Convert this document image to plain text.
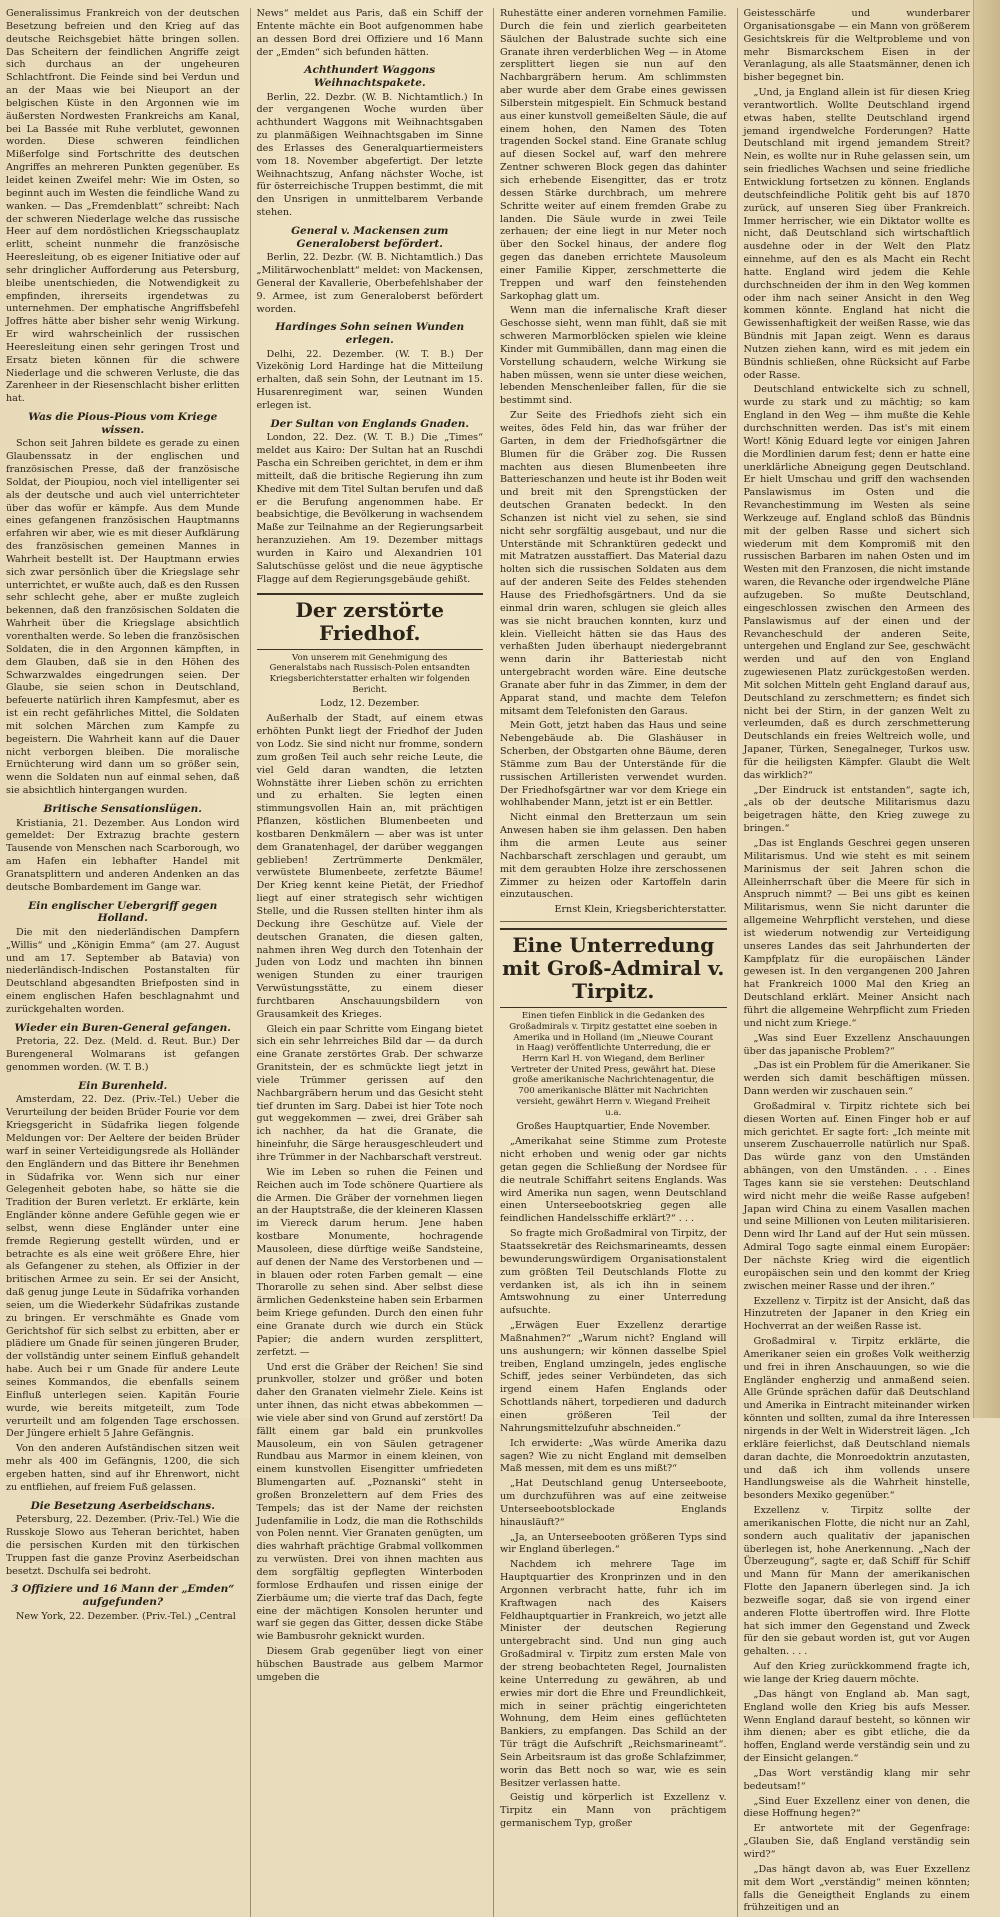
Generalissimus Frankreich von der deutschen Besetzung befreien und den Krieg auf das deutsche Reichsgebiet hätte bringen sollen. Das Scheitern der feindlichen Angriffe zeigt sich durchaus an der ungeheuren Schlachtfront. Die Feinde sind bei Verdun und an der Maas wie bei Nieuport an der belgischen Küste in den Argonnen wie im äußersten Nordwesten Frankreichs am Kanal, bei La Bassée mit Ruhe verblutet, gewonnen worden. Diese schweren feindlichen Mißerfolge sind Fortschritte des deutschen Angriffes an mehreren Punkten gegenüber. Es leidet keinen Zweifel mehr: Wie im Osten, so beginnt auch im Westen die feindliche Wand zu wanken. — Das „Fremdenblatt“ schreibt: Nach der schweren Niederlage welche das russische Heer auf dem nordöstlichen Kriegsschauplatz erlitt, scheint nunmehr die französische Heeresleitung, ob es eigener Initiative oder auf sehr dringlicher Aufforderung aus Petersburg, bleibe unentschieden, die Notwendigkeit zu empfinden, ihrerseits irgendetwas zu unternehmen. Der emphatische Angriffsbefehl Joffres hätte aber bisher sehr wenig Wirkung. Er wird wahrscheinlich der russischen Heeresleitung einen sehr geringen Trost und Ersatz bieten können für die schwere Niederlage und die schweren Verluste, die das Zarenheer in der Riesenschlacht bisher erlitten hat.

Was die Pious-Pious vom Kriege wissen.

Schon seit Jahren bildete es gerade zu einen Glaubenssatz in der englischen und französischen Presse, daß der französische Soldat, der Pioupiou, noch viel intelligenter sei als der deutsche und auch viel unterrichteter über das wofür er kämpfe. Aus dem Munde eines gefangenen französischen Hauptmanns erfahren wir aber, wie es mit dieser Aufklärung des französischen gemeinen Mannes in Wahrheit bestellt ist. Der Hauptmann erwies sich zwar persönlich über die Kriegslage sehr unterrichtet, er wußte auch, daß es den Russen sehr schlecht gehe, aber er mußte zugleich bekennen, daß den französischen Soldaten die Wahrheit über die Kriegslage absichtlich vorenthalten werde. So leben die französischen Soldaten, die in den Argonnen kämpften, in dem Glauben, daß sie in den Höhen des Schwarzwaldes eingedrungen seien. Der Glaube, sie seien schon in Deutschland, befeuerte natürlich ihren Kampfesmut, aber es ist ein recht gefährliches Mittel, die Soldaten mit solchen Märchen zum Kampfe zu begeistern. Die Wahrheit kann auf die Dauer nicht verborgen bleiben. Die moralische Ernüchterung wird dann um so größer sein, wenn die Soldaten nun auf einmal sehen, daß sie absichtlich hintergangen wurden.

Britische Sensationslügen.

Kristiania, 21. Dezember. Aus London wird gemeldet: Der Extrazug brachte gestern Tausende von Menschen nach Scarborough, wo am Hafen ein lebhafter Handel mit Granatsplittern und anderen Andenken an das deutsche Bombardement im Gange war.

Ein englischer Uebergriff gegen Holland.

Die mit den niederländischen Dampfern „Willis“ und „Königin Emma“ (am 27. August und am 17. September ab Batavia) von niederländisch-Indischen Postanstalten für Deutschland abgesandten Briefposten sind in einem englischen Hafen beschlagnahmt und zurückgehalten worden.

Wieder ein Buren-General gefangen.

Pretoria, 22. Dez. (Meld. d. Reut. Bur.) Der Burengeneral Wolmarans ist gefangen genommen worden. (W. T. B.)

Ein Burenheld.

Amsterdam, 22. Dez. (Priv.-Tel.) Ueber die Verurteilung der beiden Brüder Fourie vor dem Kriegsgericht in Südafrika liegen folgende Meldungen vor: Der Aeltere der beiden Brüder warf in seiner Verteidigungsrede als Holländer den Engländern und das Bittere ihr Benehmen in Südafrika vor. Wenn sich nur einer Gelegenheit geboten habe, so hätte sie die Tradition der Buren verletzt. Er erklärte, kein Engländer könne andere Gefühle gegen wie er selbst, wenn diese Engländer unter eine fremde Regierung gestellt würden, und er betrachte es als eine weit größere Ehre, hier als Gefangener zu stehen, als Offizier in der britischen Armee zu sein. Er sei der Ansicht, daß genug junge Leute in Südafrika vorhanden seien, um die Wiederkehr Südafrikas zustande zu bringen. Er verschmähte es Gnade vom Gerichtshof für sich selbst zu erbitten, aber er plädiere um Gnade für seinen jüngeren Bruder, der vollständig unter seinem Einfluß gehandelt habe. Auch bei r um Gnade für andere Leute seines Kommandos, die ebenfalls seinem Einfluß unterlegen seien. Kapitän Fourie wurde, wie bereits mitgeteilt, zum Tode verurteilt und am folgenden Tage erschossen. Der Jüngere erhielt 5 Jahre Gefängnis.

Von den anderen Aufständischen sitzen weit mehr als 400 im Gefängnis, 1200, die sich ergeben hatten, sind auf ihr Ehrenwort, nicht zu entfliehen, auf freiem Fuß gelassen.

Die Besetzung Aserbeidschans.

Petersburg, 22. Dezember. (Priv.-Tel.) Wie die Russkoje Slowo aus Teheran berichtet, haben die persischen Kurden mit den türkischen Truppen fast die ganze Provinz Aserbeidschan besetzt. Dschulfa sei bedroht.

3 Offiziere und 16 Mann der „Emden“ aufgefunden?

New York, 22. Dezember. (Priv.-Tel.) „Central

News“ meldet aus Paris, daß ein Schiff der Entente mächte ein Boot aufgenommen habe an dessen Bord drei Offiziere und 16 Mann der „Emden“ sich befunden hätten.

Achthundert Waggons Weihnachtspakete.

Berlin, 22. Dezbr. (W. B. Nichtamtlich.) In der vergangenen Woche wurden über achthundert Waggons mit Weihnachtsgaben zu planmäßigen Weihnachtsgaben im Sinne des Erlasses des Generalquartiermeisters vom 18. November abgefertigt. Der letzte Weihnachtszug, Anfang nächster Woche, ist für österreichische Truppen bestimmt, die mit den Unsrigen in unmittelbarem Verbande stehen.

General v. Mackensen zum Generaloberst befördert.

Berlin, 22. Dezbr. (W. B. Nichtamtlich.) Das „Militärwochenblatt“ meldet: von Mackensen, General der Kavallerie, Oberbefehlshaber der 9. Armee, ist zum Generaloberst befördert worden.

Hardinges Sohn seinen Wunden erlegen.

Delhi, 22. Dezember. (W. T. B.) Der Vizekönig Lord Hardinge hat die Mitteilung erhalten, daß sein Sohn, der Leutnant im 15. Husarenregiment war, seinen Wunden erlegen ist.

Der Sultan von Englands Gnaden.

London, 22. Dez. (W. T. B.) Die „Times“ meldet aus Kairo: Der Sultan hat an Ruschdi Pascha ein Schreiben gerichtet, in dem er ihm mitteilt, daß die britische Regierung ihn zum Khedive mit dem Titel Sultan berufen und daß er die Berufung angenommen habe. Er beabsichtige, die Bevölkerung in wachsendem Maße zur Teilnahme an der Regierungsarbeit heranzuziehen. Am 19. Dezember mittags wurden in Kairo und Alexandrien 101 Salutschüsse gelöst und die neue ägyptische Flagge auf dem Regierungsgebäude gehißt.

Der zerstörte Friedhof.
Von unserem mit Genehmigung des Generalstabs nach Russisch-Polen entsandten Kriegsberichterstatter erhalten wir folgenden Bericht.
Lodz, 12. Dezember.

Außerhalb der Stadt, auf einem etwas erhöhten Punkt liegt der Friedhof der Juden von Lodz. Sie sind nicht nur fromme, sondern zum großen Teil auch sehr reiche Leute, die viel Geld daran wandten, die letzten Wohnstätte ihrer Lieben schön zu errichten und zu erhalten. Sie legten einen stimmungsvollen Hain an, mit prächtigen Pflanzen, köstlichen Blumenbeeten und kostbaren Denkmälern — aber was ist unter dem Granatenhagel, der darüber weggangen geblieben! Zertrümmerte Denkmäler, verwüstete Blumenbeete, zerfetzte Bäume! Der Krieg kennt keine Pietät, der Friedhof liegt auf einer strategisch sehr wichtigen Stelle, und die Russen stellten hinter ihm als Deckung ihre Geschütze auf. Viele der deutschen Granaten, die diesen galten, nahmen ihren Weg durch den Totenhain der Juden von Lodz und machten ihn binnen wenigen Stunden zu einer traurigen Verwüstungsstätte, zu einem dieser furchtbaren Anschauungsbildern von Grausamkeit des Krieges.

Gleich ein paar Schritte vom Eingang bietet sich ein sehr lehrreiches Bild dar — da durch eine Granate zerstörtes Grab. Der schwarze Granitstein, der es schmückte liegt jetzt in viele Trümmer gerissen auf den Nachbargräbern herum und das Gesicht steht tief drunten im Sarg. Dabei ist hier Tote noch gut weggekommen — zwei, drei Gräber sah ich nachher, da hat die Granate, die hineinfuhr, die Särge herausgeschleudert und ihre Trümmer in der Nachbarschaft verstreut.

Wie im Leben so ruhen die Feinen und Reichen auch im Tode schönere Quartiere als die Armen. Die Gräber der vornehmen liegen an der Hauptstraße, die der kleineren Klassen im Viereck darum herum. Jene haben kostbare Monumente, hochragende Mausoleen, diese dürftige weiße Sandsteine, auf denen der Name des Verstorbenen und — in blauen oder roten Farben gemalt — eine Thorarolle zu sehen sind. Aber selbst diese ärmlichen Gedenksteine haben sein Erbarmen beim Kriege gefunden. Durch den einen fuhr eine Granate durch wie durch ein Stück Papier; die andern wurden zersplittert, zerfetzt. —

Und erst die Gräber der Reichen! Sie sind prunkvoller, stolzer und größer und boten daher den Granaten vielmehr Ziele. Keins ist unter ihnen, das nicht etwas abbekommen — wie viele aber sind von Grund auf zerstört! Da fällt einem gar bald ein prunkvolles Mausoleum, ein von Säulen getragener Rundbau aus Marmor in einem kleinen, von einem kunstvollen Eisengitter umfriedeten Blumengarten auf. „Poznanski“ steht in großen Bronzelettern auf dem Fries des Tempels; das ist der Name der reichsten Judenfamilie in Lodz, die man die Rothschilds von Polen nennt. Vier Granaten genügten, um dies wahrhaft prächtige Grabmal vollkommen zu verwüsten. Drei von ihnen machten aus dem sorgfältig gepflegten Winterboden formlose Erdhaufen und rissen einige der Zierbäume um; die vierte traf das Dach, fegte eine der mächtigen Konsolen herunter und warf sie gegen das Gitter, dessen dicke Stäbe wie Bambusrohr geknickt wurden.

Diesem Grab gegenüber liegt von einer hübschen Baustrade aus gelbem Marmor umgeben die

Ruhestätte einer anderen vornehmen Familie. Durch die fein und zierlich gearbeiteten Säulchen der Balustrade suchte sich eine Granate ihren verderblichen Weg — in Atome zersplittert liegen sie nun auf den Nachbargräbern herum. Am schlimmsten aber wurde aber dem Grabe eines gewissen Silberstein mitgespielt. Ein Schmuck bestand aus einer kunstvoll gemeißelten Säule, die auf einem hohen, den Namen des Toten tragenden Sockel stand. Eine Granate schlug auf diesen Sockel auf, warf den mehrere Zentner schweren Block gegen das dahinter sich erhebende Eisengitter, das er trotz dessen Stärke durchbrach, um mehrere Schritte weiter auf einem fremden Grabe zu landen. Die Säule wurde in zwei Teile zerhauen; der eine liegt in nur Meter noch über den Sockel hinaus, der andere flog gegen das daneben errichtete Mausoleum einer Familie Kipper, zerschmetterte die Treppen und warf den feinstehenden Sarkophag glatt um.

Wenn man die infernalische Kraft dieser Geschosse sieht, wenn man fühlt, daß sie mit schweren Marmorblöcken spielen wie kleine Kinder mit Gummibällen, dann mag einen die Vorstellung schaudern, welche Wirkung sie haben müssen, wenn sie unter diese weichen, lebenden Menschenleiber fallen, für die sie bestimmt sind.

Zur Seite des Friedhofs zieht sich ein weites, ödes Feld hin, das war früher der Garten, in dem der Friedhofsgärtner die Blumen für die Gräber zog. Die Russen machten aus diesen Blumenbeeten ihre Batterieschanzen und heute ist ihr Boden weit und breit mit den Sprengstücken der deutschen Granaten bedeckt. In den Schanzen ist nicht viel zu sehen, sie sind nicht sehr sorgfältig ausgebaut, und nur die Unterstände mit Schranktüren gedeckt und mit Matratzen ausstaffiert. Das Material dazu holten sich die russischen Soldaten aus dem auf der anderen Seite des Feldes stehenden Hause des Friedhofsgärtners. Und da sie einmal drin waren, schlugen sie gleich alles was sie nicht brauchen konnten, kurz und klein. Vielleicht hätten sie das Haus des verhaßten Juden überhaupt niedergebrannt wenn darin ihr Batteriestab nicht untergebracht worden wäre. Eine deutsche Granate aber fuhr in das Zimmer, in dem der Apparat stand, und machte dem Telefon mitsamt dem Telefonisten den Garaus.

Mein Gott, jetzt haben das Haus und seine Nebengebäude ab. Die Glashäuser in Scherben, der Obstgarten ohne Bäume, deren Stämme zum Bau der Unterstände für die russischen Artilleristen verwendet wurden. Der Friedhofsgärtner war vor dem Kriege ein wohlhabender Mann, jetzt ist er ein Bettler.

Nicht einmal den Bretterzaun um sein Anwesen haben sie ihm gelassen. Den haben ihm die armen Leute aus seiner Nachbarschaft zerschlagen und geraubt, um mit dem geraubten Holze ihre zerschossenen Zimmer zu heizen oder Kartoffeln darin einzutauschen.

Ernst Klein, Kriegsberichterstatter.
Eine Unterredung mit Groß-Admiral v. Tirpitz.
Einen tiefen Einblick in die Gedanken des Großadmirals v. Tirpitz gestattet eine soeben in Amerika und in Holland (im „Nieuwe Courant in Haag) veröffentlichte Unterredung, die er Herrn Karl H. von Wiegand, dem Berliner Vertreter der United Press, gewährt hat. Diese große amerikanische Nachrichtenagentur, die 700 amerikanische Blätter mit Nachrichten versieht, gewährt Herrn v. Wiegand Freiheit u.a.
Großes Hauptquartier, Ende November.

„Amerikahat seine Stimme zum Proteste nicht erhoben und wenig oder gar nichts getan gegen die Schließung der Nordsee für die neutrale Schiffahrt seitens Englands. Was wird Amerika nun sagen, wenn Deutschland einen Unterseebootskrieg gegen alle feindlichen Handelsschiffe erklärt?“ . . .

So fragte mich Großadmiral von Tirpitz, der Staatssekretär des Reichsmarineamts, dessen bewunderungswürdigem Organisationstalent zum größten Teil Deutschlands Flotte zu verdanken ist, als ich ihn in seinem Amtswohnung zu einer Unterredung aufsuchte.

„Erwägen Euer Exzellenz derartige Maßnahmen?“ „Warum nicht? England will uns aushungern; wir können dasselbe Spiel treiben, England umzingeln, jedes englische Schiff, jedes seiner Verbündeten, das sich irgend einem Hafen Englands oder Schottlands nähert, torpedieren und dadurch einen größeren Teil der Nahrungsmittelzufuhr abschneiden.“

Ich erwiderte: „Was würde Amerika dazu sagen? Wie zu nicht England mit demselben Maß messen, mit dem es uns mißt?“

„Hat Deutschland genug Unterseeboote, um durchzuführen was auf eine zeitweise Unterseebootsblockade Englands hinausläuft?“

„Ja, an Unterseebooten größeren Typs sind wir England überlegen.“

Nachdem ich mehrere Tage im Hauptquartier des Kronprinzen und in den Argonnen verbracht hatte, fuhr ich im Kraftwagen nach des Kaisers Feldhauptquartier in Frankreich, wo jetzt alle Minister der deutschen Regierung untergebracht sind. Und nun ging auch Großadmiral v. Tirpitz zum ersten Male von der streng beobachteten Regel, Journalisten keine Unterredung zu gewähren, ab und erwies mir dort die Ehre und Freundlichkeit, mich in seiner prächtig eingerichteten Wohnung, dem Heim eines geflüchteten Bankiers, zu empfangen. Das Schild an der Tür trägt die Aufschrift „Reichsmarineamt“. Sein Arbeitsraum ist das große Schlafzimmer, worin das Bett noch so war, wie es sein Besitzer verlassen hatte.

Geistig und körperlich ist Exzellenz v. Tirpitz ein Mann von prächtigem germanischem Typ, großer

Geistesschärfe und wunderbarer Organisationsgabe — ein Mann von größerem Gesichtskreis für die Weltprobleme und von mehr Bismarckschem Eisen in der Veranlagung, als alle Staatsmänner, denen ich bisher begegnet bin.

„Und, ja England allein ist für diesen Krieg verantwortlich. Wollte Deutschland irgend etwas haben, stellte Deutschland irgend jemand irgendwelche Forderungen? Hatte Deutschland mit irgend jemandem Streit? Nein, es wollte nur in Ruhe gelassen sein, um sein friedliches Wachsen und seine friedliche Entwicklung fortsetzen zu können. Englands deutschfeindliche Politik geht bis auf 1870 zurück, auf unseren Sieg über Frankreich. Immer herrischer, wie ein Diktator wollte es nicht, daß Deutschland sich wirtschaftlich ausdehne oder in der Welt den Platz einnehme, auf den es als Macht ein Recht hatte. England wird jedem die Kehle durchschneiden der ihm in den Weg kommen oder ihm nach seiner Ansicht in den Weg kommen könnte. England hat nicht die Gewissenhaftigkeit der weißen Rasse, wie das Bündnis mit Japan zeigt. Wenn es daraus Nutzen ziehen kann, wird es mit jedem ein Bündnis schließen, ohne Rücksicht auf Farbe oder Rasse.

Deutschland entwickelte sich zu schnell, wurde zu stark und zu mächtig; so kam England in den Weg — ihm mußte die Kehle durchschnitten werden. Das ist's mit einem Wort! König Eduard legte vor einigen Jahren die Mordlinien darum fest; denn er hatte eine unerklärliche Abneigung gegen Deutschland. Er hielt Umschau und griff den wachsenden Panslawismus im Osten und die Revanchestimmung im Westen als seine Werkzeuge auf. England schloß das Bündnis mit der gelben Rasse und sichert sich wiederum mit dem Kompromiß mit den russischen Barbaren im nahen Osten und im Westen mit den Franzosen, die nicht imstande waren, die Revanche oder irgendwelche Pläne aufzugeben. So mußte Deutschland, eingeschlossen zwischen den Armeen des Panslawismus auf der einen und der Revancheschuld der anderen Seite, untergehen und England zur See, geschwächt werden und auf den von England zugewiesenen Platz zurückgestoßen werden. Mit solchen Mitteln geht England darauf aus, Deutschland zu zerschmettern; es findet sich nicht bei der Stirn, in der ganzen Welt zu verleumden, daß es durch zerschmetterung Deutschlands ein freies Weltreich wolle, und Japaner, Türken, Senegalneger, Turkos usw. für die heiligsten Kämpfer. Glaubt die Welt das wirklich?“

„Der Eindruck ist entstanden“, sagte ich, „als ob der deutsche Militarismus dazu beigetragen hätte, den Krieg zuwege zu bringen.“

„Das ist Englands Geschrei gegen unseren Militarismus. Und wie steht es mit seinem Marinismus der seit Jahren schon die Alleinherrschaft über die Meere für sich in Anspruch nimmt? — Bei uns gibt es keinen Militarismus, wenn Sie nicht darunter die allgemeine Wehrpflicht verstehen, und diese ist wiederum notwendig zur Verteidigung unseres Landes das seit Jahrhunderten der Kampfplatz für die europäischen Länder gewesen ist. In den vergangenen 200 Jahren hat Frankreich 1000 Mal den Krieg an Deutschland erklärt. Meiner Ansicht nach führt die allgemeine Wehrpflicht zum Frieden und nicht zum Kriege.“

„Was sind Euer Exzellenz Anschauungen über das japanische Problem?“

„Das ist ein Problem für die Amerikaner. Sie werden sich damit beschäftigen müssen. Dann werden wir zuschauen sein.“

Großadmiral v. Tirpitz richtete sich bei diesen Worten auf. Einen Finger hob er auf mich gerichtet. Er sagte fort: „Ich meinte mit unserem Zuschauerrolle natürlich nur Spaß. Das würde ganz von den Umständen abhängen, von den Umständen. . . . Eines Tages kann sie sie verstehen: Deutschland wird nicht mehr die weiße Rasse aufgeben! Japan wird China zu einem Vasallen machen und seine Millionen von Leuten militarisieren. Denn wird Ihr Land auf der Hut sein müssen. Admiral Togo sagte einmal einem Europäer: Der nächste Krieg wird die eigentlich europäischen sein und den kommt der Krieg zwischen meiner Rasse und der ihren.“

Exzellenz v. Tirpitz ist der Ansicht, daß das Hinzutreten der Japaner in den Krieg ein Hochverrat an der weißen Rasse ist.

Großadmiral v. Tirpitz erklärte, die Amerikaner seien ein großes Volk weitherzig und frei in ihren Anschauungen, so wie die Engländer engherzig und anmaßend seien. Alle Gründe sprächen dafür daß Deutschland und Amerika in Eintracht miteinander wirken könnten und sollten, zumal da ihre Interessen nirgends in der Welt in Widerstreit lägen. „Ich erkläre feierlichst, daß Deutschland niemals daran dachte, die Monroedoktrin anzutasten, und daß ich ihm vollends unsere Handlungsweise als die Wahrheit hinstelle, besonders Mexiko gegenüber.“

Exzellenz v. Tirpitz sollte der amerikanischen Flotte, die nicht nur an Zahl, sondern auch qualitativ der japanischen überlegen ist, hohe Anerkennung. „Nach der Überzeugung“, sagte er, daß Schiff für Schiff und Mann für Mann der amerikanischen Flotte den Japanern überlegen sind. Ja ich bezweifle sogar, daß sie von irgend einer anderen Flotte übertroffen wird. Ihre Flotte hat sich immer den Gegenstand und Zweck für den sie gebaut worden ist, gut vor Augen gehalten. . . .

Auf den Krieg zurückkommend fragte ich, wie lange der Krieg dauern möchte.

„Das hängt von England ab. Man sagt, England wolle den Krieg bis aufs Messer. Wenn England darauf besteht, so können wir ihm dienen; aber es gibt etliche, die da hoffen, England werde verständig sein und zu der Einsicht gelangen.“

„Das Wort verständig klang mir sehr bedeutsam!“

„Sind Euer Exzellenz einer von denen, die diese Hoffnung hegen?“

Er antwortete mit der Gegenfrage: „Glauben Sie, daß England verständig sein wird?“

„Das hängt davon ab, was Euer Exzellenz mit dem Wort „verständig“ meinen könnten; falls die Geneigtheit Englands zu einem frühzeitigen und an
